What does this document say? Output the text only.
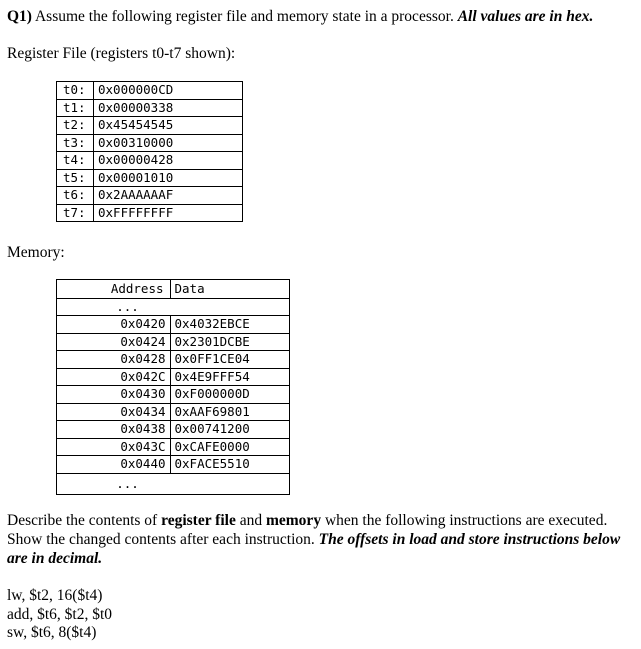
Q1) Assume the following register file and memory state in a processor. All values are in hex.
Register File (registers t0-t7 shown):
t0:	0x000000CD
t1:	0x00000338
t2:	0x45454545
t3:	0x00310000
t4:	0x00000428
t5:	0x00001010
t6:	0x2AAAAAAF
t7:	0xFFFFFFFF
Memory:
Address	Data
...	
0x0420	0x4032EBCE
0x0424	0x2301DCBE
0x0428	0x0FF1CE04
0x042C	0x4E9FFF54
0x0430	0xF000000D
0x0434	0xAAF69801
0x0438	0x00741200
0x043C	0xCAFE0000
0x0440	0xFACE5510
...	
Describe the contents of register file and memory when the following instructions are executed. Show the changed contents after each instruction. The offsets in load and store instructions below are in decimal.
lw, $t2, 16($t4)
add, $t6, $t2, $t0
sw, $t6, 8($t4)
